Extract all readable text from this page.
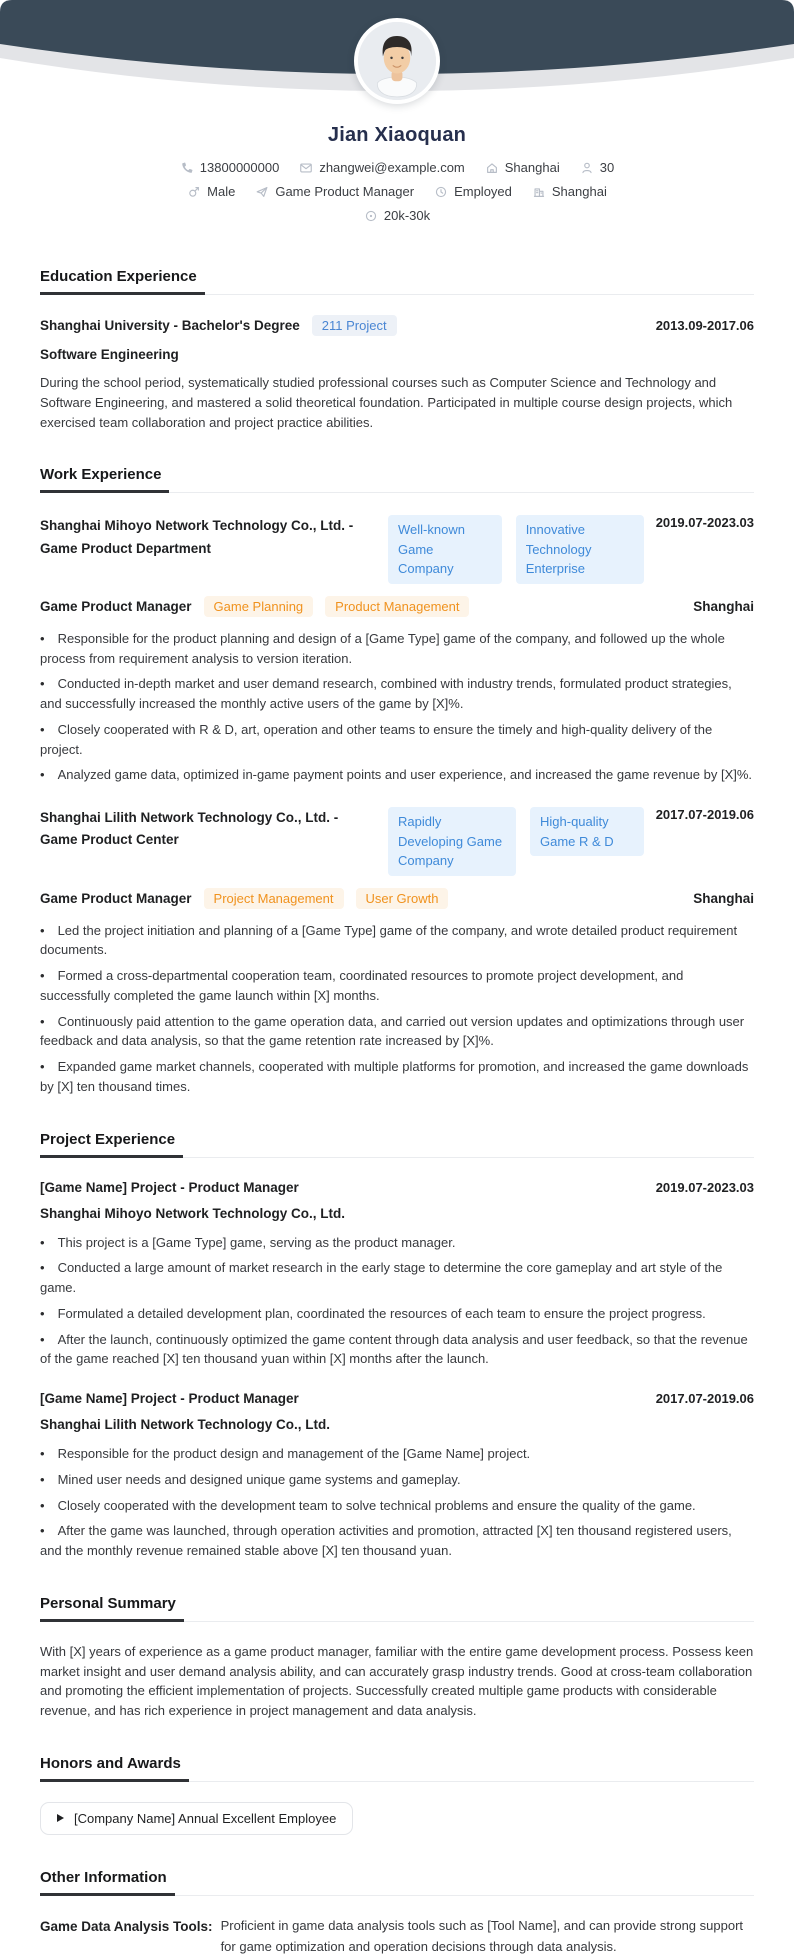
Jian Xiaoquan
13800000000	zhangwei@example.com	Shanghai	30
Male	Game Product Manager	Employed	Shanghai
20k-30k
Education Experience
Shanghai University - Bachelor's Degree	211 Project	2013.09-2017.06
Software Engineering

During the school period, systematically studied professional courses such as Computer Science and Technology and Software Engineering, and mastered a solid theoretical foundation. Participated in multiple course design projects, which exercised team collaboration and project practice abilities.

Work Experience
Shanghai Mihoyo Network Technology Co., Ltd. - Game Product Department
Well-known Game Company
Innovative Technology Enterprise
2019.07-2023.03
Game Product Manager	Game Planning	Product Management	Shanghai

• Responsible for the product planning and design of a [Game Type] game of the company, and followed up the whole process from requirement analysis to version iteration.

• Conducted in-depth market and user demand research, combined with industry trends, formulated product strategies, and successfully increased the monthly active users of the game by [X]%.

• Closely cooperated with R & D, art, operation and other teams to ensure the timely and high-quality delivery of the project.

• Analyzed game data, optimized in-game payment points and user experience, and increased the game revenue by [X]%.

Shanghai Lilith Network Technology Co., Ltd. - Game Product Center
Rapidly Developing Game Company
High-quality Game R & D
2017.07-2019.06
Game Product Manager	Project Management	User Growth	Shanghai

• Led the project initiation and planning of a [Game Type] game of the company, and wrote detailed product requirement documents.

• Formed a cross-departmental cooperation team, coordinated resources to promote project development, and successfully completed the game launch within [X] months.

• Continuously paid attention to the game operation data, and carried out version updates and optimizations through user feedback and data analysis, so that the game retention rate increased by [X]%.

• Expanded game market channels, cooperated with multiple platforms for promotion, and increased the game downloads by [X] ten thousand times.

Project Experience
[Game Name] Project - Product Manager	2019.07-2023.03
Shanghai Mihoyo Network Technology Co., Ltd.

• This project is a [Game Type] game, serving as the product manager.

• Conducted a large amount of market research in the early stage to determine the core gameplay and art style of the game.

• Formulated a detailed development plan, coordinated the resources of each team to ensure the project progress.

• After the launch, continuously optimized the game content through data analysis and user feedback, so that the revenue of the game reached [X] ten thousand yuan within [X] months after the launch.

[Game Name] Project - Product Manager	2017.07-2019.06
Shanghai Lilith Network Technology Co., Ltd.

• Responsible for the product design and management of the [Game Name] project.

• Mined user needs and designed unique game systems and gameplay.

• Closely cooperated with the development team to solve technical problems and ensure the quality of the game.

• After the game was launched, through operation activities and promotion, attracted [X] ten thousand registered users, and the monthly revenue remained stable above [X] ten thousand yuan.

Personal Summary

With [X] years of experience as a game product manager, familiar with the entire game development process. Possess keen market insight and user demand analysis ability, and can accurately grasp industry trends. Good at cross-team collaboration and promoting the efficient implementation of projects. Successfully created multiple game products with considerable revenue, and has rich experience in project management and data analysis.

Honors and Awards
[Company Name] Annual Excellent Employee
Other Information
Game Data Analysis Tools: Proficient in game data analysis tools such as [Tool Name], and can provide strong support for game optimization and operation decisions through data analysis.
